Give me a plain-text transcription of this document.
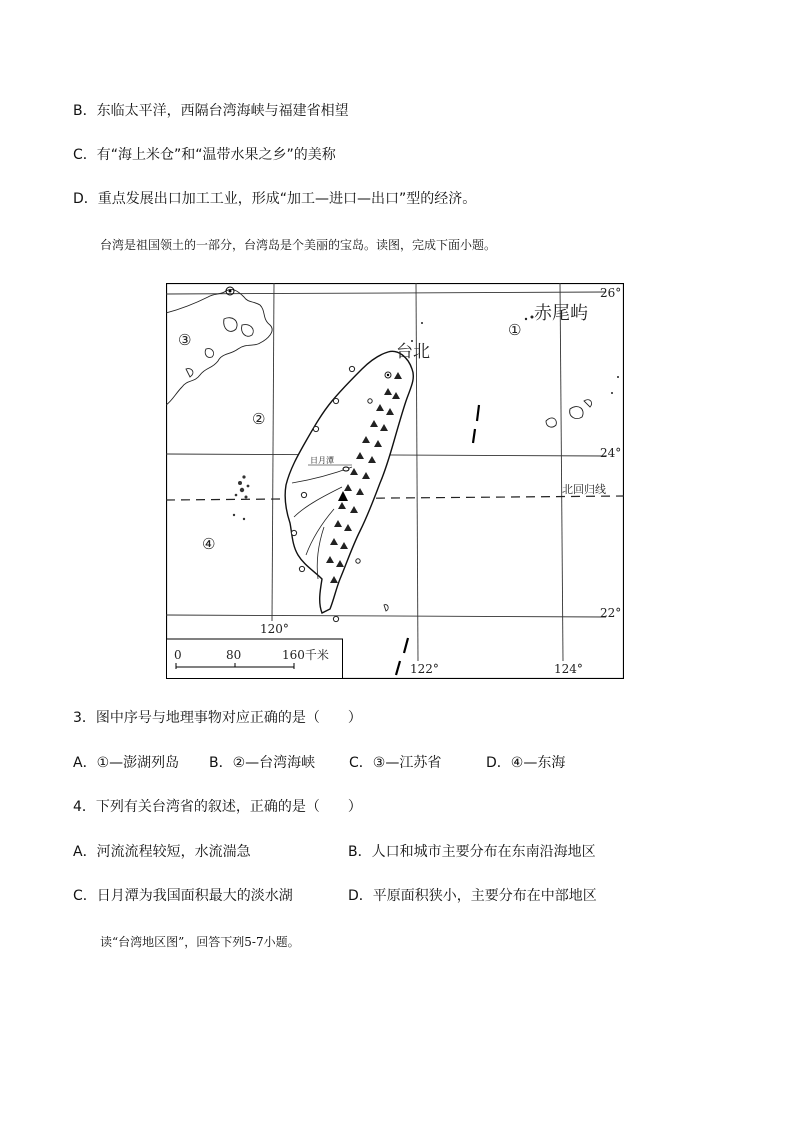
B．东临太平洋，西隔台湾海峡与福建省相望
C．有“海上米仓”和“温带水果之乡”的美称
D．重点发展出口加工工业，形成“加工—进口—出口”型的经济。
台湾是祖国领土的一部分，台湾岛是个美丽的宝岛。读图，完成下面小题。
26°
24°
22°
120°
122°	124°
赤尾屿
台北
日月潭
北回归线
①
②
③
④
0	80	160千米
3．图中序号与地理事物对应正确的是（　　）
A．①—澎湖列岛 B．②—台湾海峡 C．③—江苏省	D．④—东海
4．下列有关台湾省的叙述，正确的是（　　）
A．河流流程较短，水流湍急	B．人口和城市主要分布在东南沿海地区
C．日月潭为我国面积最大的淡水湖	D．平原面积狭小，主要分布在中部地区
读“台湾地区图”，回答下列5-7小题。
